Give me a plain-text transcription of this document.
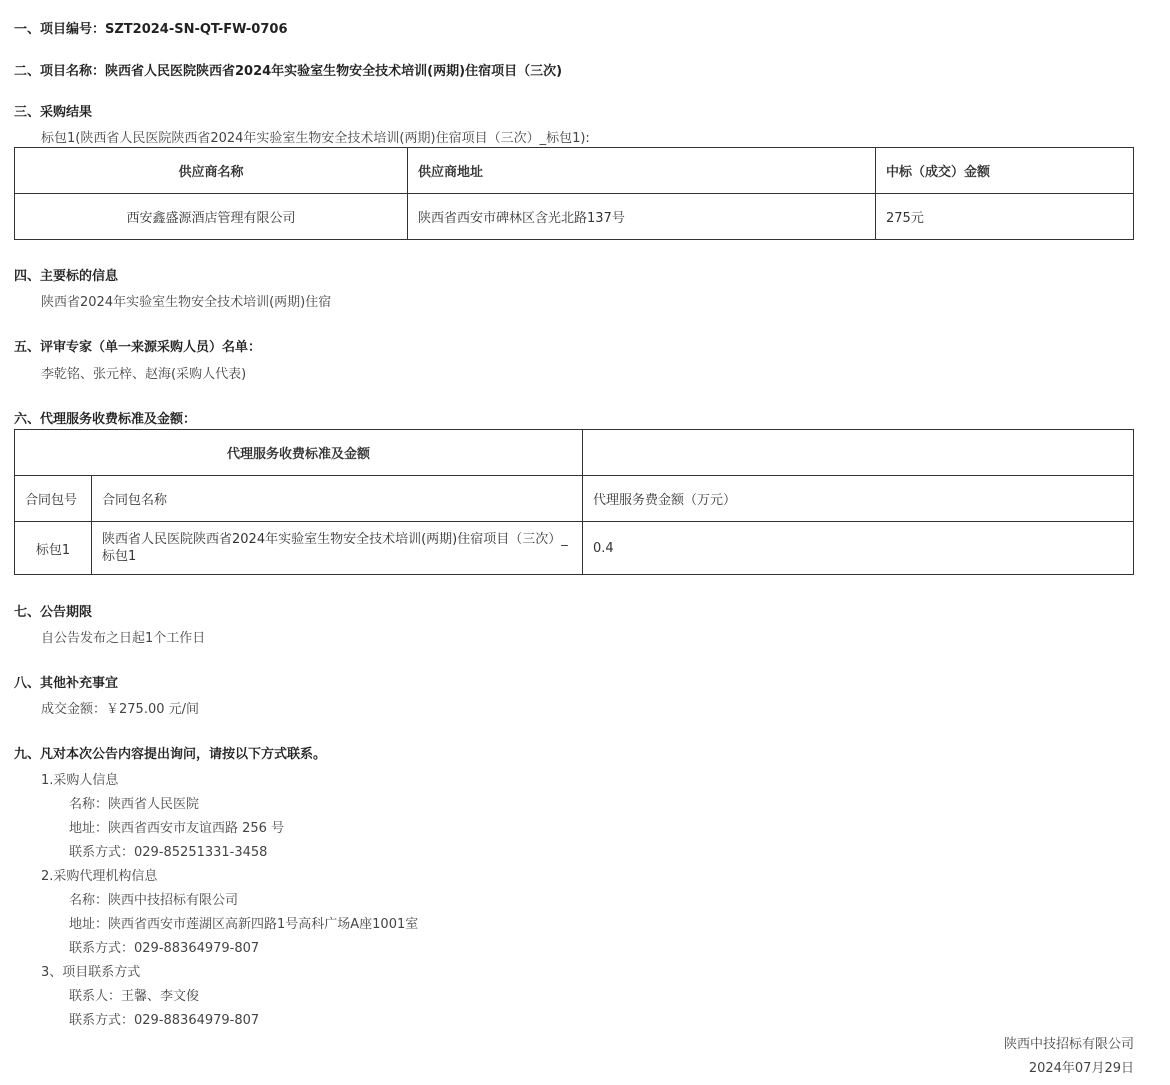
一、项目编号：SZT2024-SN-QT-FW-0706
二、项目名称：陕西省人民医院陕西省2024年实验室生物安全技术培训(两期)住宿项目（三次)
三、采购结果
标包1(陕西省人民医院陕西省2024年实验室生物安全技术培训(两期)住宿项目（三次）_标包1):
供应商名称	供应商地址	中标（成交）金额
西安鑫盛源酒店管理有限公司	陕西省西安市碑林区含光北路137号	275元
四、主要标的信息
陕西省2024年实验室生物安全技术培训(两期)住宿
五、评审专家（单一来源采购人员）名单：
李乾铭、张元梓、赵海(采购人代表)
六、代理服务收费标准及金额：
代理服务收费标准及金额		
合同包号	合同包名称	代理服务费金额（万元）
标包1	陕西省人民医院陕西省2024年实验室生物安全技术培训(两期)住宿项目（三次）_标包1	0.4
七、公告期限
自公告发布之日起1个工作日
八、其他补充事宜
成交金额：￥275.00 元/间
九、凡对本次公告内容提出询问，请按以下方式联系。
1.采购人信息
名称：陕西省人民医院
地址：陕西省西安市友谊西路 256 号
联系方式：029-85251331-3458
2.采购代理机构信息
名称：陕西中技招标有限公司
地址：陕西省西安市莲湖区高新四路1号高科广场A座1001室
联系方式：029-88364979-807
3、项目联系方式
联系人：王馨、李文俊
联系方式：029-88364979-807
陕西中技招标有限公司
2024年07月29日
